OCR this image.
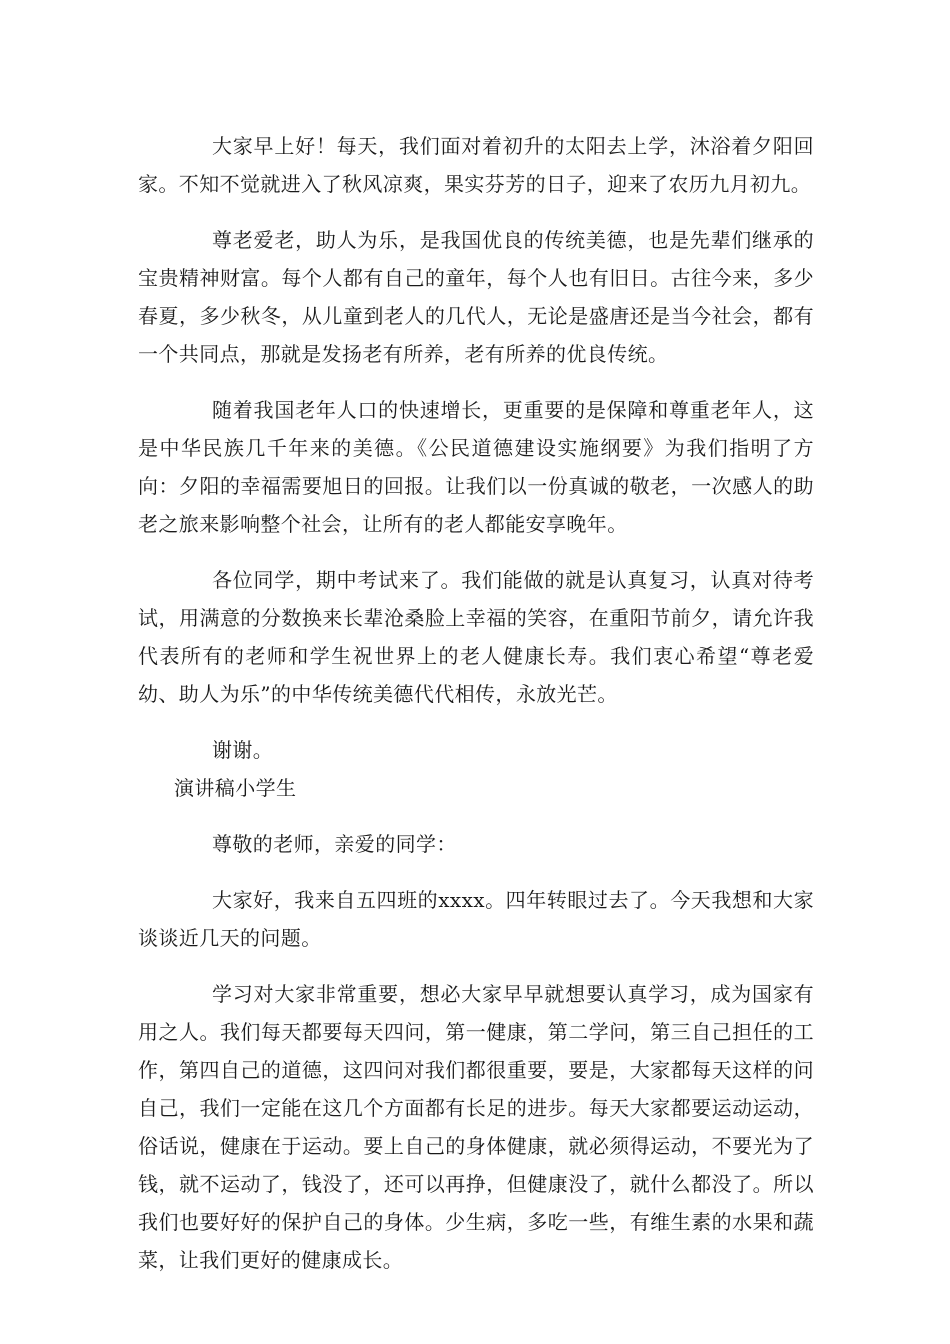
大家早上好！每天，我们面对着初升的太阳去上学，沐浴着夕阳回家。不知不觉就进入了秋风凉爽，果实芬芳的日子，迎来了农历九月初九。

尊老爱老，助人为乐，是我国优良的传统美德，也是先辈们继承的宝贵精神财富。每个人都有自己的童年，每个人也有旧日。古往今来，多少春夏，多少秋冬，从儿童到老人的几代人，无论是盛唐还是当今社会，都有一个共同点，那就是发扬老有所养，老有所养的优良传统。

随着我国老年人口的快速增长，更重要的是保障和尊重老年人，这是中华民族几千年来的美德。《公民道德建设实施纲要》为我们指明了方向：夕阳的幸福需要旭日的回报。让我们以一份真诚的敬老，一次感人的助老之旅来影响整个社会，让所有的老人都能安享晚年。

各位同学，期中考试来了。我们能做的就是认真复习，认真对待考试，用满意的分数换来长辈沧桑脸上幸福的笑容，在重阳节前夕，请允许我代表所有的老师和学生祝世界上的老人健康长寿。我们衷心希望“尊老爱幼、助人为乐”的中华传统美德代代相传，永放光芒。

谢谢。

演讲稿小学生

尊敬的老师，亲爱的同学：

大家好，我来自五四班的xxxx。四年转眼过去了。今天我想和大家谈谈近几天的问题。

学习对大家非常重要，想必大家早早就想要认真学习，成为国家有用之人。我们每天都要每天四问，第一健康，第二学问，第三自己担任的工作，第四自己的道德，这四问对我们都很重要，要是，大家都每天这样的问自己，我们一定能在这几个方面都有长足的进步。每天大家都要运动运动，俗话说，健康在于运动。要上自己的身体健康，就必须得运动，不要光为了钱，就不运动了，钱没了，还可以再挣，但健康没了，就什么都没了。所以我们也要好好的保护自己的身体。少生病，多吃一些，有维生素的水果和蔬菜，让我们更好的健康成长。
